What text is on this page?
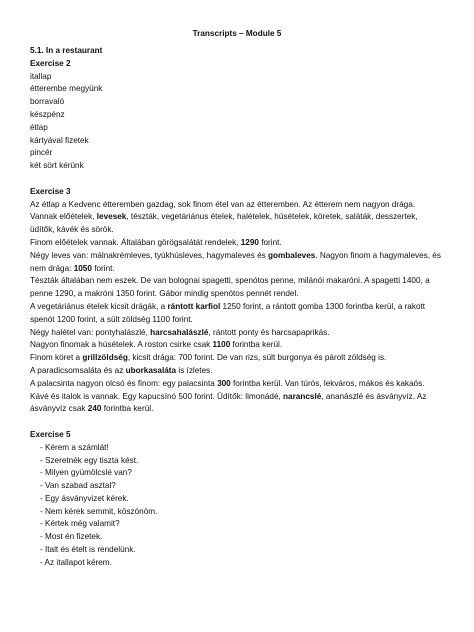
Transcripts – Module 5
5.1. In a restaurant
Exercise 2
itallap
étterembe megyünk
borravaló
készpénz
étlap
kártyával fizetek
pincér
két sört kérünk
Exercise 3
Az étlap a Kedvenc étteremben gazdag, sok finom étel van az étteremben. Az étterem nem nagyon drága.
Vannak előételek, levesek, tészták, vegetáriánus ételek, halételek, húsételek, köretek, saláták, desszertek,
üdítők, kávék és sörök.
Finom előételek vannak. Általában görögsalátát rendelek, 1290 forint.
Négy leves van: málnakrémleves, tyúkhúsleves, hagymaleves és gombaleves. Nagyon finom a hagymaleves, és
nem drága: 1050 forint.
Tészták általában nem eszek. De van bolognai spagetti, spenótos penne, milánói makaróni. A spagetti 1400, a
penne 1290, a makróni 1350 forint. Gábor mindig spenótos pennét rendel.
A vegetáriánus ételek kicsit drágák, a rántott karfiol 1250 forint, a rántott gomba 1300 forintba kerül, a rakott
spenót 1200 forint, a sült zöldség 1100 forint.
Négy halétel van: pontyhalászlé, harcsahalászlé, rántott ponty és harcsapaprikás.
Nagyon finomak a húsételek. A roston csirke csak 1100 forintba kerül.
Finom köret a grillzöldség, kicsit drága: 700 forint. De van rizs, sült burgonya és párolt zöldség is.
A paradicsomsaláta és az uborkasaláta is ízletes.
A palacsinta nagyon olcsó és finom: egy palacsinta 300 forintba kerül. Van túrós, lekváros, mákos és kakaós.
Kávé és italok is vannak. Egy kapucsínó 500 forint. Üdítők: limonádé, narancslé, ananászlé és ásványvíz. Az
ásványvíz csak 240 forintba kerül.
Exercise 5
- Kérem a számlát!
- Szeretnék egy tiszta kést.
- Milyen gyümölcslé van?
- Van szabad asztal?
- Egy ásványvizet kérek.
- Nem kérek semmit, köszönöm.
- Kértek még valamit?
- Most én fizetek.
- Italt és ételt is rendelünk.
- Az itallapot kérem.
